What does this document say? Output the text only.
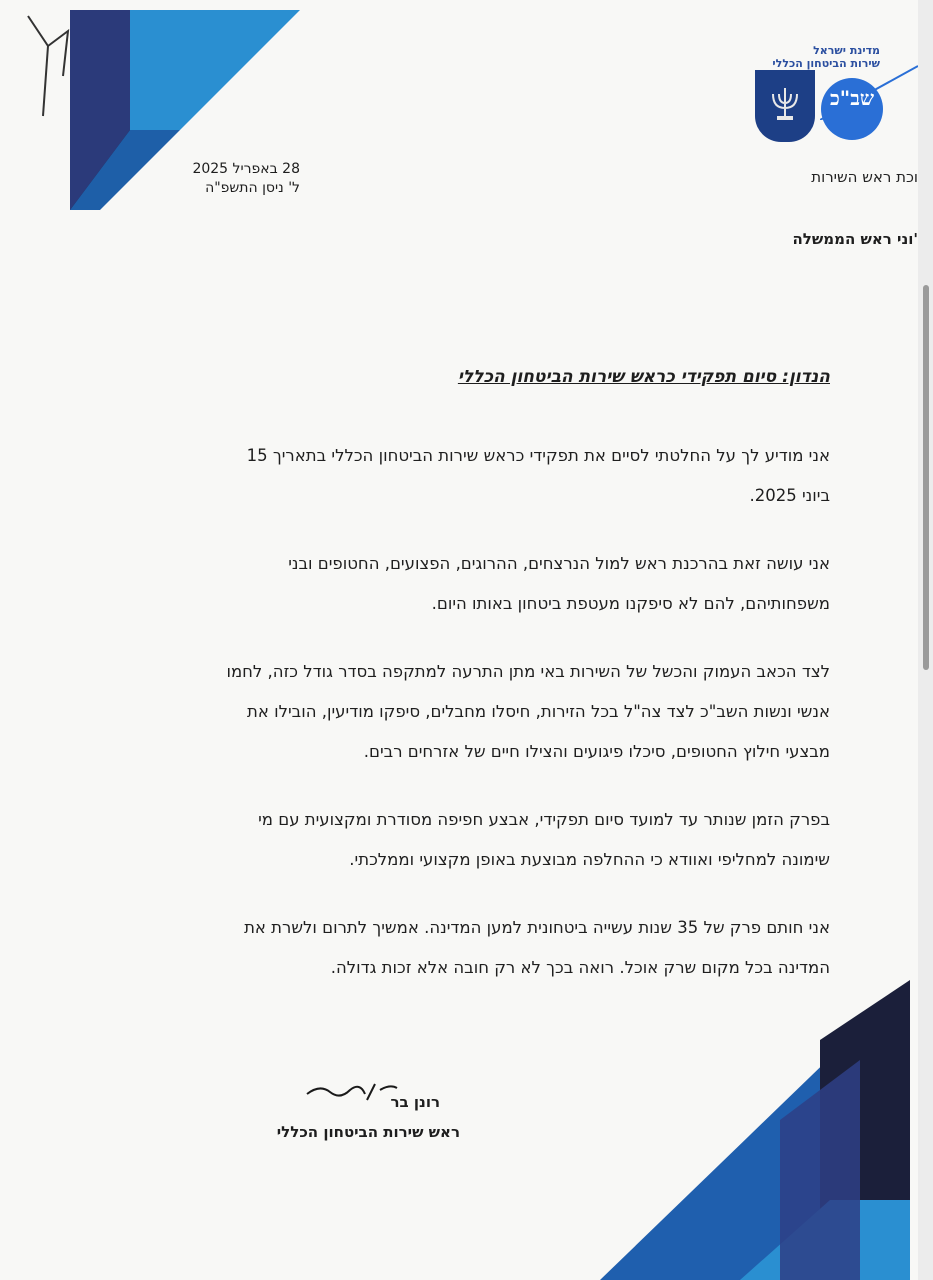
מדינת ישראל
שירות הביטחון הכללי
שב"כ
וכת ראש השירות
28 באפריל 2025
ל' ניסן התשפ"ה
'וני ראש הממשלה
הנדון: סיום תפקידי כראש שירות הביטחון הכללי

אני מודיע לך על החלטתי לסיים את תפקידי כראש שירות הביטחון הכללי בתאריך 15 ביוני 2025.

אני עושה זאת בהרכנת ראש למול הנרצחים, ההרוגים, הפצועים, החטופים ובני משפחותיהם, להם לא סיפקנו מעטפת ביטחון באותו היום.

לצד הכאב העמוק והכשל של השירות באי מתן התרעה למתקפה בסדר גודל כזה, לחמו אנשי ונשות השב"כ לצד צה"ל בכל הזירות, חיסלו מחבלים, סיפקו מודיעין, הובילו את מבצעי חילוץ החטופים, סיכלו פיגועים והצילו חיים של אזרחים רבים.

בפרק הזמן שנותר עד למועד סיום תפקידי, אבצע חפיפה מסודרת ומקצועית עם מי שימונה למחליפי ואוודא כי ההחלפה מבוצעת באופן מקצועי וממלכתי.

אני חותם פרק של 35 שנות עשייה ביטחונית למען המדינה. אמשיך לתרום ולשרת את המדינה בכל מקום שרק אוכל. רואה בכך לא רק חובה אלא זכות גדולה.

רונן בר
ראש שירות הביטחון הכללי
